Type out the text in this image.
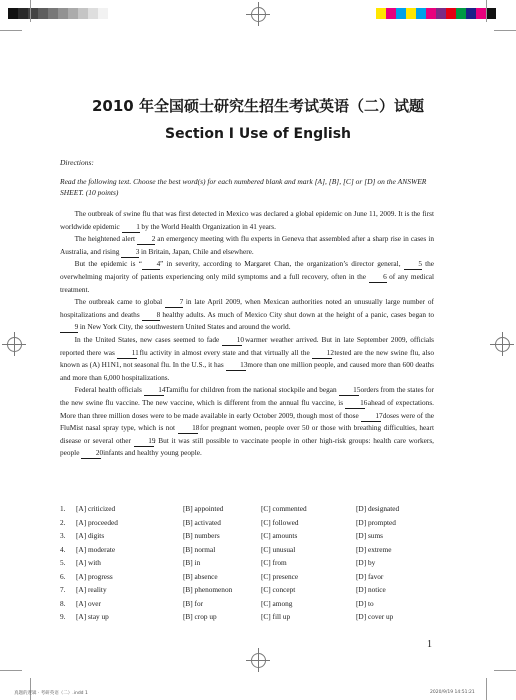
2010 年全国硕士研究生招生考试英语（二）试题
Section I Use of English

Directions:

Read the following text. Choose the best word(s) for each numbered blank and mark [A], [B], [C] or [D] on the ANSWER SHEET. (10 points)

The outbreak of swine flu that was first detected in Mexico was declared a global epidemic on June 11, 2009. It is the first worldwide epidemic 1 by the World Health Organization in 41 years.

The heightened alert 2 an emergency meeting with flu experts in Geneva that assembled after a sharp rise in cases in Australia, and rising 3 in Britain, Japan, Chile and elsewhere.

But the epidemic is “ 4” in severity, according to Margaret Chan, the organization’s director general, 5 the overwhelming majority of patients experiencing only mild symptoms and a full recovery, often in the 6 of any medical treatment.

The outbreak came to global 7 in late April 2009, when Mexican authorities noted an unusually large number of hospitalizations and deaths 8 healthy adults. As much of Mexico City shut down at the height of a panic, cases began to 9 in New York City, the southwestern United States and around the world.

In the United States, new cases seemed to fade 10 warmer weather arrived. But in late September 2009, officials reported there was 11 flu activity in almost every state and that virtually all the 12 tested are the new swine flu, also known as (A) H1N1, not seasonal flu. In the U.S., it has 13 more than one million people, and caused more than 600 deaths and more than 6,000 hospitalizations.

Federal health officials 14 Tamiflu for children from the national stockpile and began 15 orders from the states for the new swine flu vaccine. The new vaccine, which is different from the annual flu vaccine, is 16 ahead of expectations. More than three million doses were to be made available in early October 2009, though most of those 17 doses were of the FluMist nasal spray type, which is not 18 for pregnant women, people over 50 or those with breathing difficulties, heart disease or several other 19. But it was still possible to vaccinate people in other high-risk groups: health care workers, people 20 infants and healthy young people.

1.	[A] criticized	[B] appointed	[C] commented	[D] designated
2.	[A] proceeded	[B] activated	[C] followed	[D] prompted
3.	[A] digits	[B] numbers	[C] amounts	[D] sums
4.	[A] moderate	[B] normal	[C] unusual	[D] extreme
5.	[A] with	[B] in	[C] from	[D] by
6.	[A] progress	[B] absence	[C] presence	[D] favor
7.	[A] reality	[B] phenomenon	[C] concept	[D] notice
8.	[A] over	[B] for	[C] among	[D] to
9.	[A] stay up	[B] crop up	[C] fill up	[D] cover up
1
真题的逻辑 · 考研英语（二）.indd 1	2020/9/19 14:51:21
